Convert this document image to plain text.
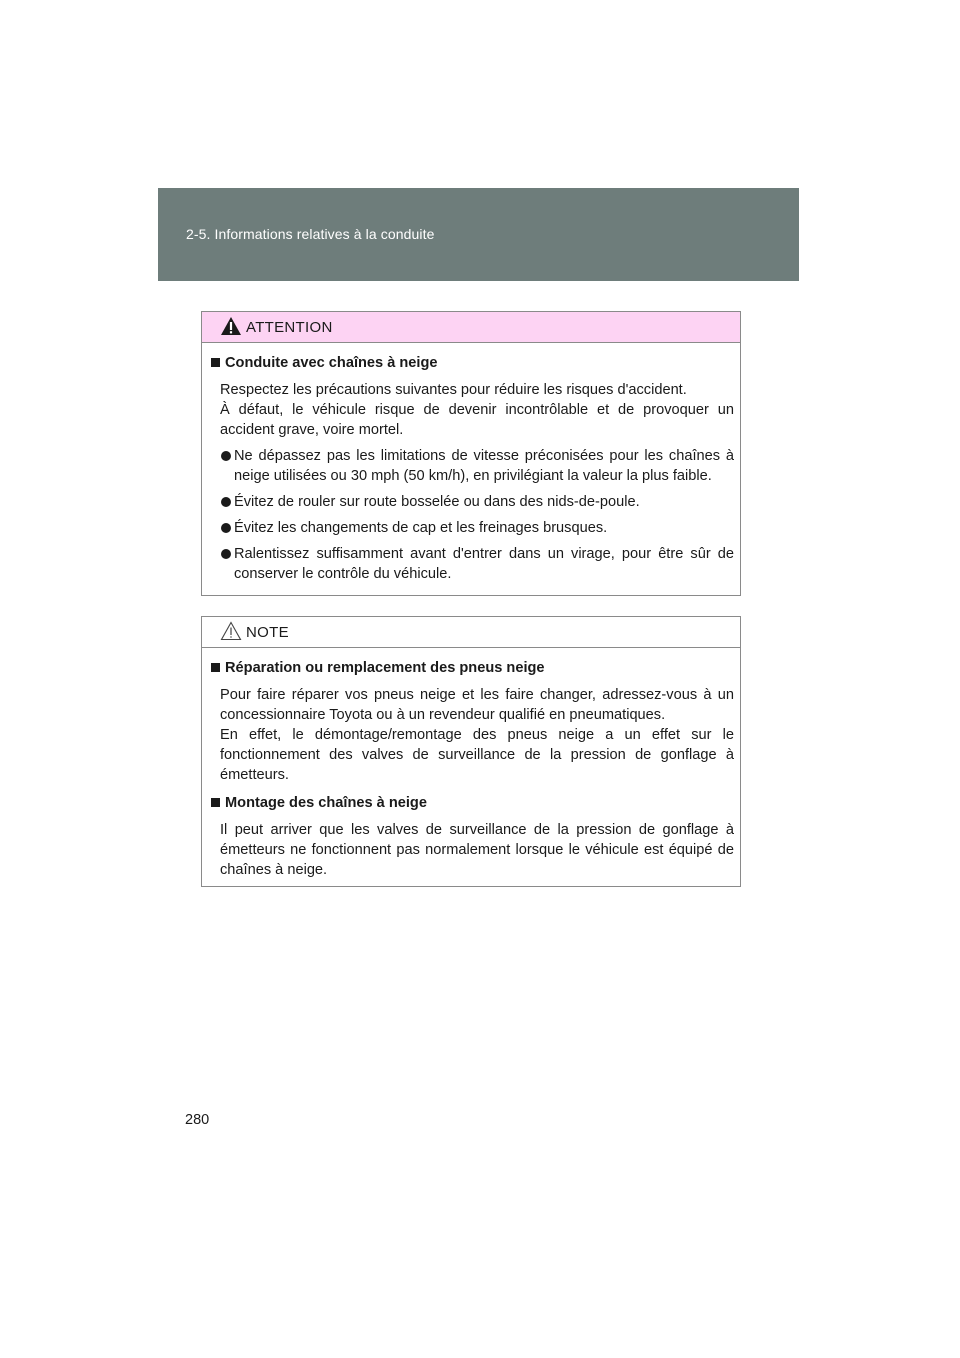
2-5. Informations relatives à la conduite
ATTENTION
Conduite avec chaînes à neige
Respectez les précautions suivantes pour réduire les risques d'accident.
À défaut, le véhicule risque de devenir incontrôlable et de provoquer un accident grave, voire mortel.
Ne dépassez pas les limitations de vitesse préconisées pour les chaînes à neige utilisées ou 30 mph (50 km/h), en privilégiant la valeur la plus faible.
Évitez de rouler sur route bosselée ou dans des nids-de-poule.
Évitez les changements de cap et les freinages brusques.
Ralentissez suffisamment avant d'entrer dans un virage, pour être sûr de conserver le contrôle du véhicule.
NOTE
Réparation ou remplacement des pneus neige
Pour faire réparer vos pneus neige et les faire changer, adressez-vous à un concessionnaire Toyota ou à un revendeur qualifié en pneumatiques.
En effet, le démontage/remontage des pneus neige a un effet sur le fonctionnement des valves de surveillance de la pression de gonflage à émetteurs.
Montage des chaînes à neige
Il peut arriver que les valves de surveillance de la pression de gonflage à émetteurs ne fonctionnent pas normalement lorsque le véhicule est équipé de chaînes à neige.
280
